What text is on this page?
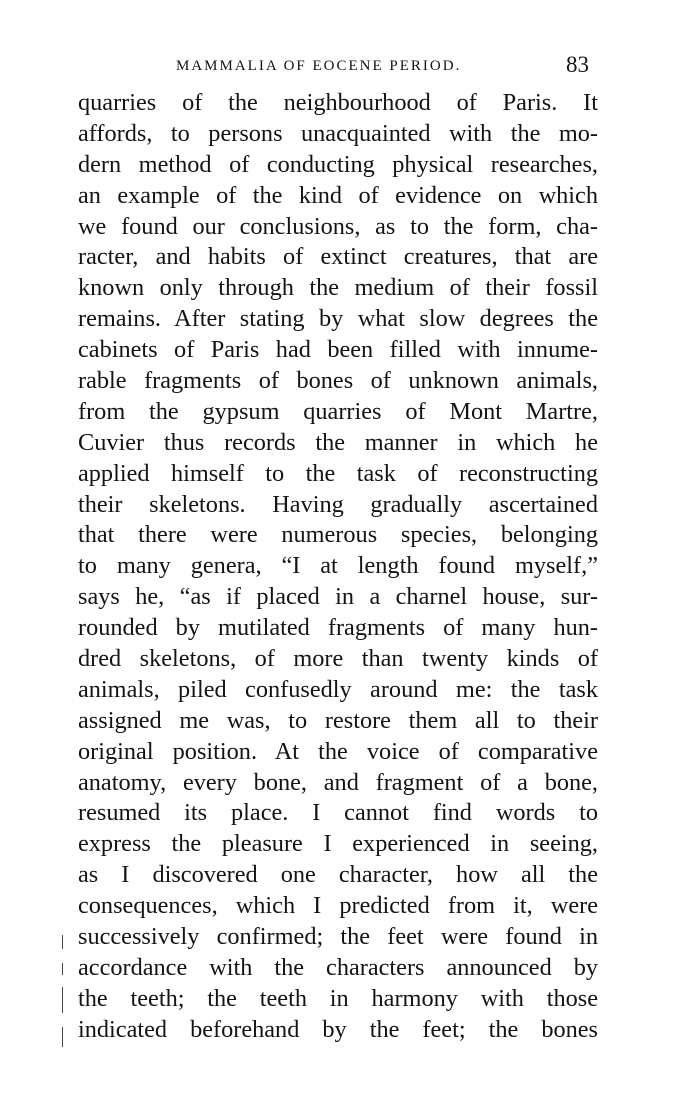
MAMMALIA OF EOCENE PERIOD.	83
quarries of the neighbourhood of Paris. It
affords, to persons unacquainted with the mo-
dern method of conducting physical researches,
an example of the kind of evidence on which
we found our conclusions, as to the form, cha-
racter, and habits of extinct creatures, that are
known only through the medium of their fossil
remains. After stating by what slow degrees the
cabinets of Paris had been filled with innume-
rable fragments of bones of unknown animals,
from the gypsum quarries of Mont Martre,
Cuvier thus records the manner in which he
applied himself to the task of reconstructing
their skeletons. Having gradually ascertained
that there were numerous species, belonging
to many genera, “I at length found myself,”
says he, “as if placed in a charnel house, sur-
rounded by mutilated fragments of many hun-
dred skeletons, of more than twenty kinds of
animals, piled confusedly around me: the task
assigned me was, to restore them all to their
original position. At the voice of comparative
anatomy, every bone, and fragment of a bone,
resumed its place. I cannot find words to
express the pleasure I experienced in seeing,
as I discovered one character, how all the
consequences, which I predicted from it, were
successively confirmed; the feet were found in
accordance with the characters announced by
the teeth; the teeth in harmony with those
indicated beforehand by the feet; the bones
